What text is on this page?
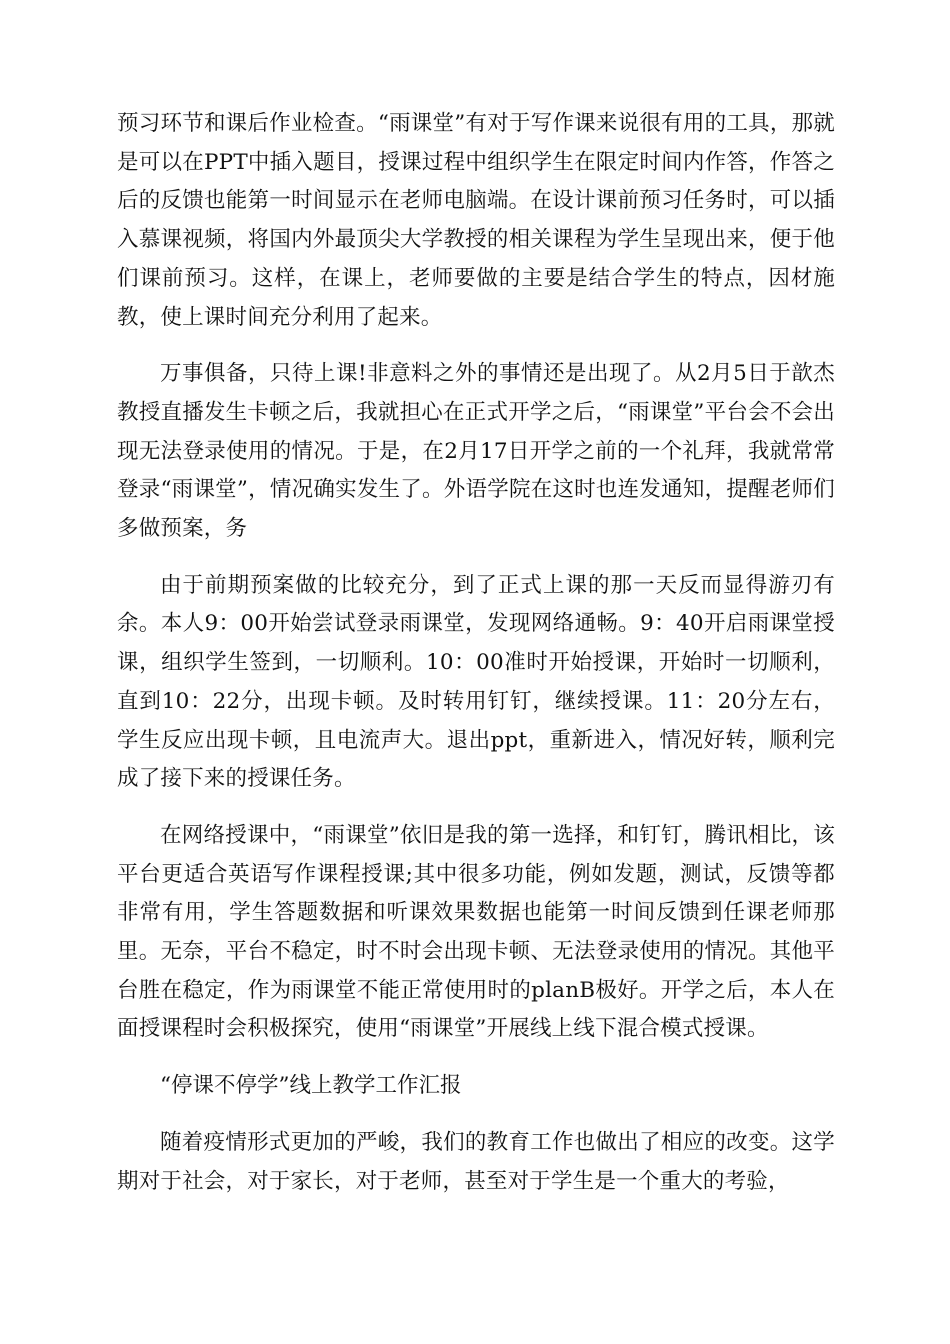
预习环节和课后作业检查。“雨课堂”有对于写作课来说很有用的工具，那就是可以在PPT中插入题目，授课过程中组织学生在限定时间内作答，作答之后的反馈也能第一时间显示在老师电脑端。在设计课前预习任务时，可以插入慕课视频，将国内外最顶尖大学教授的相关课程为学生呈现出来，便于他们课前预习。这样，在课上，老师要做的主要是结合学生的特点，因材施教，使上课时间充分利用了起来。

万事俱备，只待上课!非意料之外的事情还是出现了。从2月5日于歆杰教授直播发生卡顿之后，我就担心在正式开学之后，“雨课堂”平台会不会出现无法登录使用的情况。于是，在2月17日开学之前的一个礼拜，我就常常登录“雨课堂”，情况确实发生了。外语学院在这时也连发通知，提醒老师们多做预案，务

由于前期预案做的比较充分，到了正式上课的那一天反而显得游刃有余。本人9：00开始尝试登录雨课堂，发现网络通畅。9：40开启雨课堂授课，组织学生签到，一切顺利。10：00准时开始授课，开始时一切顺利，直到10：22分，出现卡顿。及时转用钉钉，继续授课。11：20分左右，学生反应出现卡顿，且电流声大。退出ppt，重新进入，情况好转，顺利完成了接下来的授课任务。

在网络授课中，“雨课堂”依旧是我的第一选择，和钉钉，腾讯相比，该平台更适合英语写作课程授课;其中很多功能，例如发题，测试，反馈等都非常有用，学生答题数据和听课效果数据也能第一时间反馈到任课老师那里。无奈，平台不稳定，时不时会出现卡顿、无法登录使用的情况。其他平台胜在稳定，作为雨课堂不能正常使用时的planB极好。开学之后，本人在面授课程时会积极探究，使用“雨课堂”开展线上线下混合模式授课。

“停课不停学”线上教学工作汇报

随着疫情形式更加的严峻，我们的教育工作也做出了相应的改变。这学期对于社会，对于家长，对于老师，甚至对于学生是一个重大的考验，
